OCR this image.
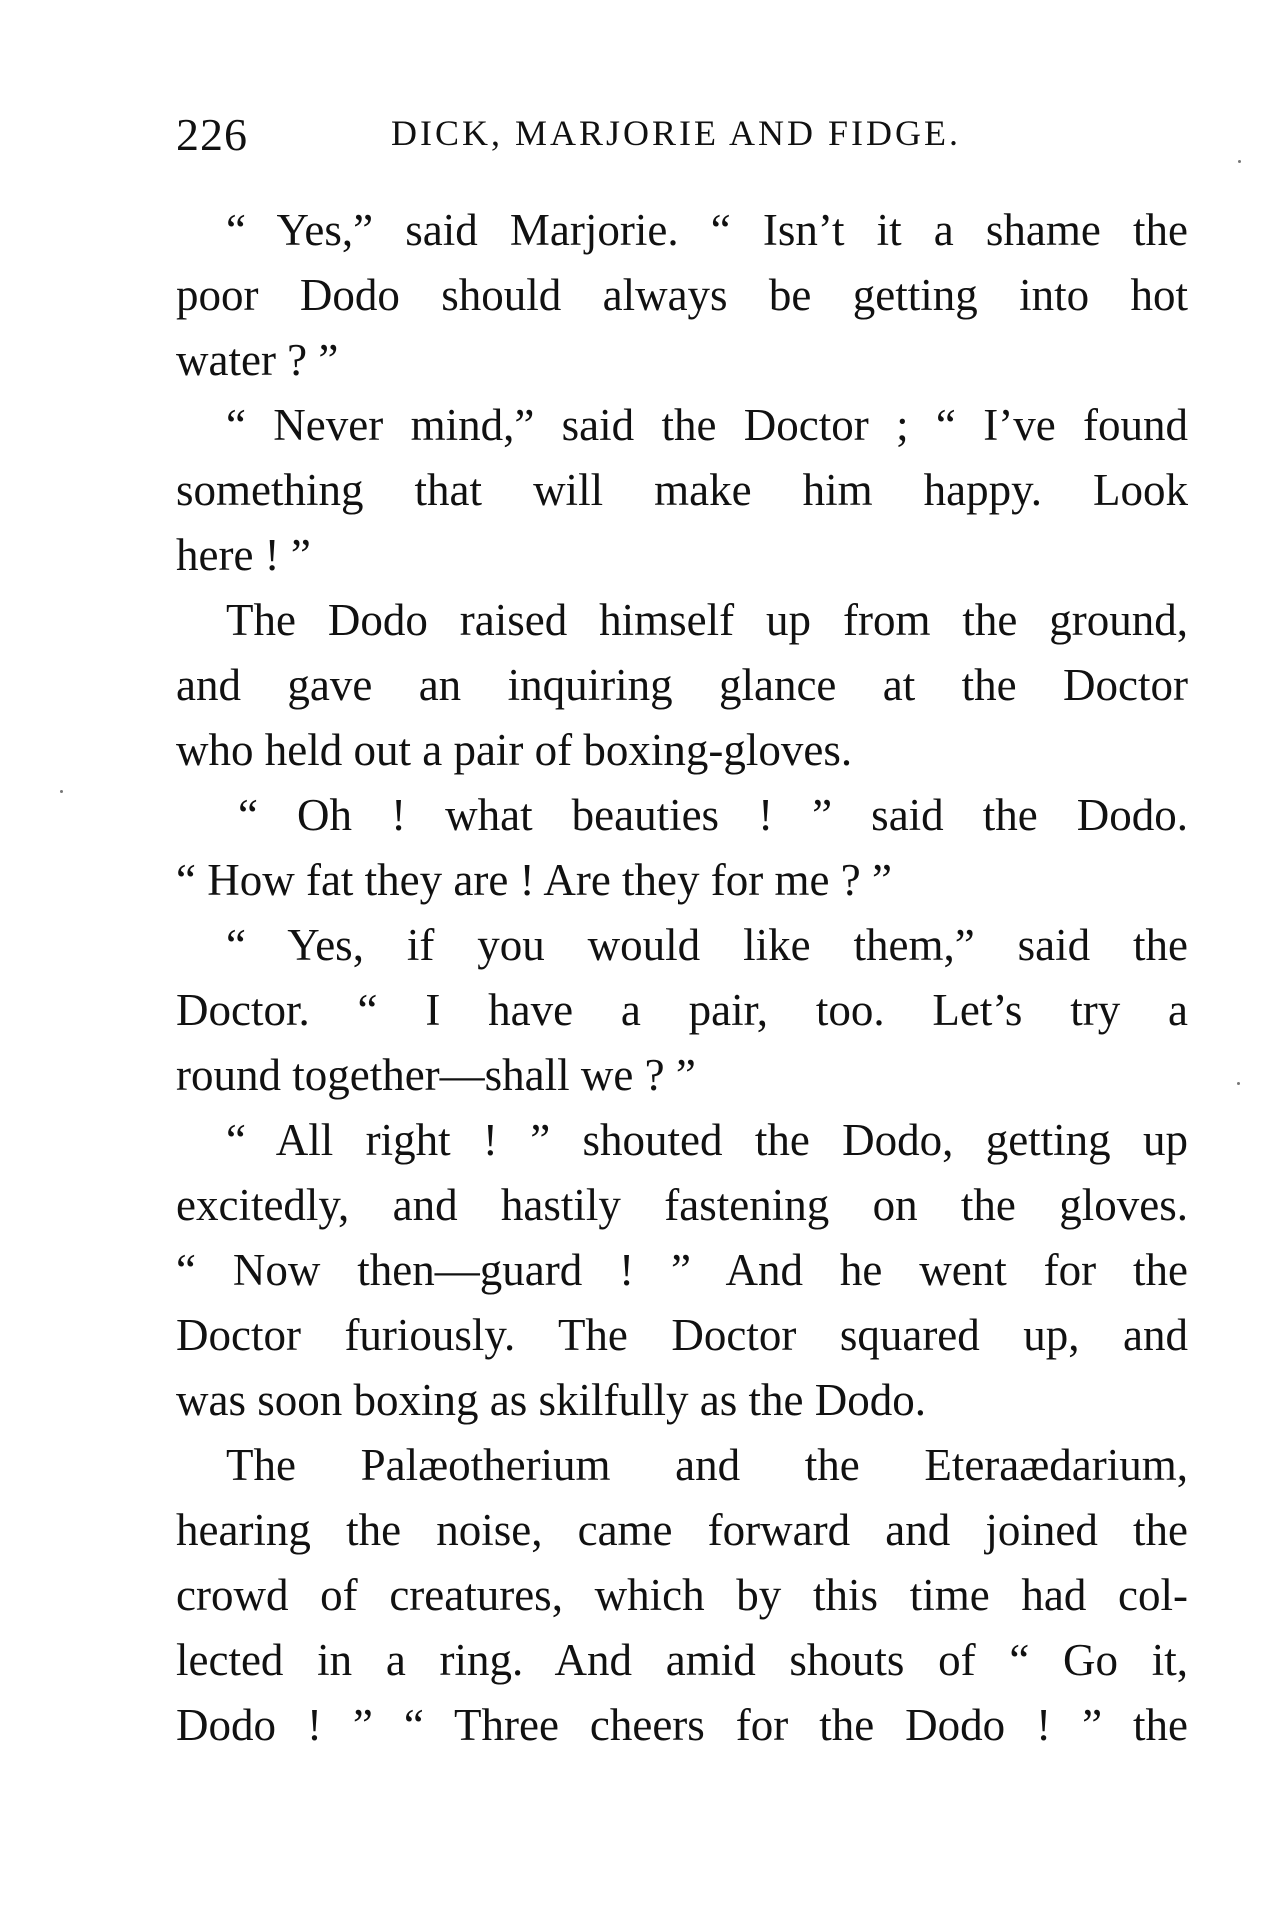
226	DICK, MARJORIE AND FIDGE.
“ Yes,” said Marjorie. “ Isn’t it a shame the
poor Dodo should always be getting into hot
water ? ”
“ Never mind,” said the Doctor ; “ I’ve found
something that will make him happy. Look
here ! ”
The Dodo raised himself up from the ground,
and gave an inquiring glance at the Doctor
who held out a pair of boxing-gloves.
“ Oh ! what beauties ! ” said the Dodo.
“ How fat they are ! Are they for me ? ”
“ Yes, if you would like them,” said the
Doctor. “ I have a pair, too. Let’s try a
round together—shall we ? ”
“ All right ! ” shouted the Dodo, getting up
excitedly, and hastily fastening on the gloves.
“ Now then—guard ! ” And he went for the
Doctor furiously. The Doctor squared up, and
was soon boxing as skilfully as the Dodo.
The Palæotherium and the Eteraædarium,
hearing the noise, came forward and joined the
crowd of creatures, which by this time had col-
lected in a ring. And amid shouts of “ Go it,
Dodo ! ” “ Three cheers for the Dodo ! ” the
